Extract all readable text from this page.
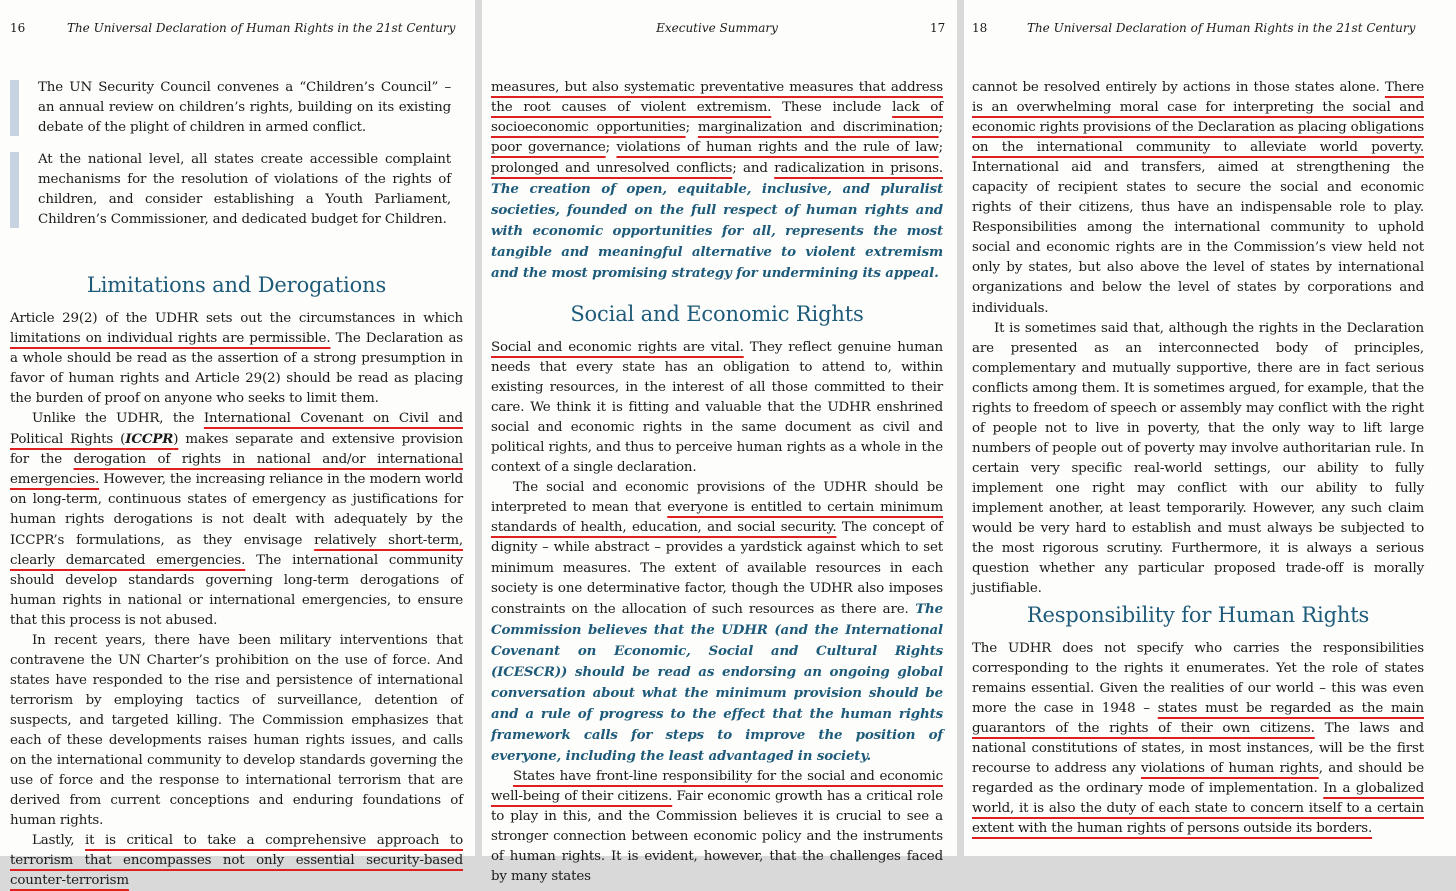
16	The Universal Declaration of Human Rights in the 21st Century

The UN Security Council convenes a “Children’s Council” – an annual review on children’s rights, building on its existing debate of the plight of children in armed conflict.

At the national level, all states create accessible complaint mechanisms for the resolution of violations of the rights of children, and consider establishing a Youth Parliament, Children’s Commissioner, and dedicated budget for Children.

Limitations and Derogations

Article 29(2) of the UDHR sets out the circumstances in which limitations on individual rights are permissible. The Declaration as a whole should be read as the assertion of a strong presumption in favor of human rights and Article 29(2) should be read as placing the burden of proof on anyone who seeks to limit them.

Unlike the UDHR, the International Covenant on Civil and Political Rights (ICCPR) makes separate and extensive provision for the derogation of rights in national and/or international emergencies. However, the increasing reliance in the modern world on long-term, continuous states of emergency as justifications for human rights derogations is not dealt with adequately by the ICCPR’s formulations, as they envisage relatively short-term, clearly demarcated emergencies. The international community should develop standards governing long-term derogations of human rights in national or international emergencies, to ensure that this process is not abused.

In recent years, there have been military interventions that contravene the UN Charter’s prohibition on the use of force. And states have responded to the rise and persistence of international terrorism by employing tactics of surveillance, detention of suspects, and targeted killing. The Commission emphasizes that each of these developments raises human rights issues, and calls on the international community to develop standards governing the use of force and the response to international terrorism that are derived from current conceptions and enduring foundations of human rights.

Lastly, it is critical to take a comprehensive approach to terrorism that encompasses not only essential security-based counter-terrorism

Executive Summary	17

measures, but also systematic preventative measures that address the root causes of violent extremism. These include lack of socioeconomic opportunities; marginalization and discrimination; poor governance; violations of human rights and the rule of law; prolonged and unresolved conflicts; and radicalization in prisons. The creation of open, equitable, inclusive, and pluralist societies, founded on the full respect of human rights and with economic opportunities for all, represents the most tangible and meaningful alternative to violent extremism and the most promising strategy for undermining its appeal.

Social and Economic Rights

Social and economic rights are vital. They reflect genuine human needs that every state has an obligation to attend to, within existing resources, in the interest of all those committed to their care. We think it is fitting and valuable that the UDHR enshrined social and economic rights in the same document as civil and political rights, and thus to perceive human rights as a whole in the context of a single declaration.

The social and economic provisions of the UDHR should be interpreted to mean that everyone is entitled to certain minimum standards of health, education, and social security. The concept of dignity – while abstract – provides a yardstick against which to set minimum measures. The extent of available resources in each society is one determinative factor, though the UDHR also imposes constraints on the allocation of such resources as there are. The Commission believes that the UDHR (and the International Covenant on Economic, Social and Cultural Rights (ICESCR)) should be read as endorsing an ongoing global conversation about what the minimum provision should be and a rule of progress to the effect that the human rights framework calls for steps to improve the position of everyone, including the least advantaged in society.

States have front-line responsibility for the social and economic well-being of their citizens. Fair economic growth has a critical role to play in this, and the Commission believes it is crucial to see a stronger connection between economic policy and the instruments of human rights. It is evident, however, that the challenges faced by many states

18	The Universal Declaration of Human Rights in the 21st Century

cannot be resolved entirely by actions in those states alone. There is an overwhelming moral case for interpreting the social and economic rights provisions of the Declaration as placing obligations on the international community to alleviate world poverty. International aid and transfers, aimed at strengthening the capacity of recipient states to secure the social and economic rights of their citizens, thus have an indispensable role to play. Responsibilities among the international community to uphold social and economic rights are in the Commission’s view held not only by states, but also above the level of states by international organizations and below the level of states by corporations and individuals.

It is sometimes said that, although the rights in the Declaration are presented as an interconnected body of principles, complementary and mutually supportive, there are in fact serious conflicts among them. It is sometimes argued, for example, that the rights to freedom of speech or assembly may conflict with the right of people not to live in poverty, that the only way to lift large numbers of people out of poverty may involve authoritarian rule. In certain very specific real-world settings, our ability to fully implement one right may conflict with our ability to fully implement another, at least temporarily. However, any such claim would be very hard to establish and must always be subjected to the most rigorous scrutiny. Furthermore, it is always a serious question whether any particular proposed trade-off is morally justifiable.

Responsibility for Human Rights

The UDHR does not specify who carries the responsibilities corresponding to the rights it enumerates. Yet the role of states remains essential. Given the realities of our world – this was even more the case in 1948 – states must be regarded as the main guarantors of the rights of their own citizens. The laws and national constitutions of states, in most instances, will be the first recourse to address any violations of human rights, and should be regarded as the ordinary mode of implementation. In a globalized world, it is also the duty of each state to concern itself to a certain extent with the human rights of persons outside its borders.
